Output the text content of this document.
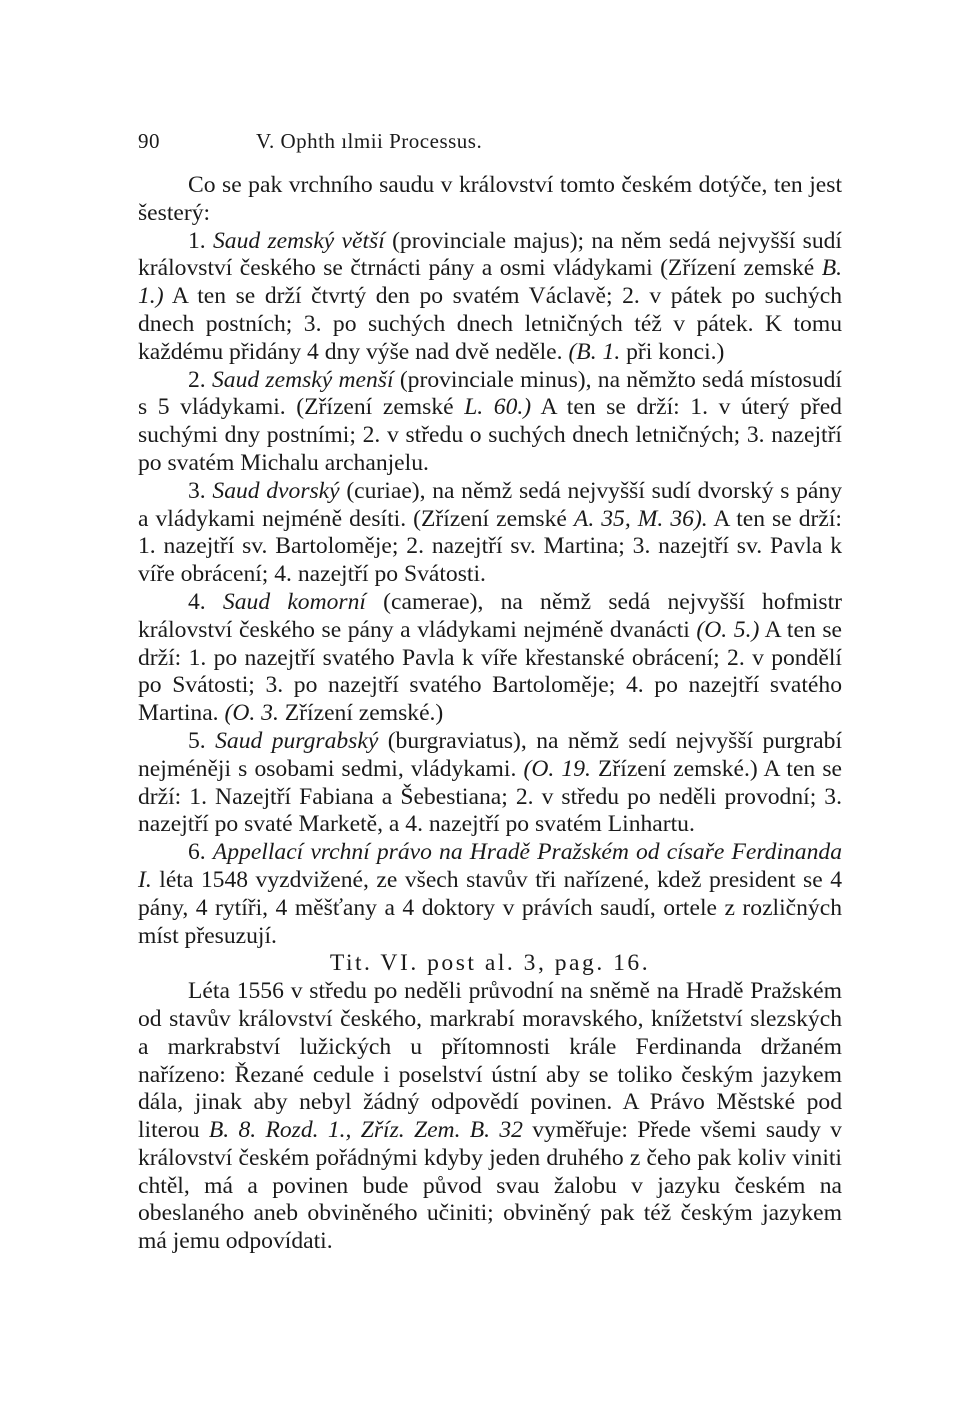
90	V. Ophth ılmii Processus.

Co se pak vrchního saudu v království tomto českém dotýče, ten jest šesterý:

1. Saud zemský větší (provinciale majus); na něm sedá nejvyšší sudí království českého se čtrnácti pány a osmi vládykami (Zřízení zemské B. 1.) A ten se drží čtvrtý den po svatém Václavě; 2. v pátek po suchých dnech postních; 3. po suchých dnech letničných též v pátek. K tomu každému přidány 4 dny výše nad dvě neděle. (B. 1. při konci.)

2. Saud zemský menší (provinciale minus), na němžto sedá místosudí s 5 vládykami. (Zřízení zemské L. 60.) A ten se drží: 1. v úterý před suchými dny postními; 2. v středu o suchých dnech letničných; 3. nazejtří po svatém Michalu archanjelu.

3. Saud dvorský (curiae), na němž sedá nejvyšší sudí dvorský s pány a vládykami nejméně desíti. (Zřízení zemské A. 35, M. 36). A ten se drží: 1. nazejtří sv. Bartoloměje; 2. nazejtří sv. Martina; 3. nazejtří sv. Pavla k víře obrácení; 4. nazejtří po Svátosti.

4. Saud komorní (camerae), na němž sedá nejvyšší hofmistr království českého se pány a vládykami nejméně dvanácti (O. 5.) A ten se drží: 1. po nazejtří svatého Pavla k víře křestanské obrácení; 2. v pondělí po Svátosti; 3. po nazejtří svatého Bartoloměje; 4. po nazejtří svatého Martina. (O. 3. Zřízení zemské.)

5. Saud purgrabský (burgraviatus), na němž sedí nejvyšší purgrabí nejméněji s osobami sedmi, vládykami. (O. 19. Zřízení zemské.) A ten se drží: 1. Nazejtří Fabiana a Šebestiana; 2. v středu po neděli provodní; 3. nazejtří po svaté Marketě, a 4. nazejtří po svatém Linhartu.

6. Appellací vrchní právo na Hradě Pražském od císaře Ferdinanda I. léta 1548 vyzdvižené, ze všech stavův tři nařízené, kdež president se 4 pány, 4 rytíři, 4 měšťany a 4 doktory v právích saudí, ortele z rozličných míst přesuzují.

Tit. VI. post al. 3, pag. 16.

Léta 1556 v středu po neděli průvodní na sněmě na Hradě Pražském od stavův království českého, markrabí moravského, knížetství slezských a markrabství lužických u přítomnosti krále Ferdinanda držaném nařízeno: Řezané cedule i poselství ústní aby se toliko českým jazykem dála, jinak aby nebyl žádný odpovědí povinen. A Právo Městské pod literou B. 8. Rozd. 1., Zříz. Zem. B. 32 vyměřuje: Přede všemi saudy v království českém pořádnými kdyby jeden druhého z čeho pak koliv viniti chtěl, má a povinen bude původ svau žalobu v jazyku českém na obeslaného aneb obviněného učiniti; obviněný pak též českým jazykem má jemu odpovídati.
